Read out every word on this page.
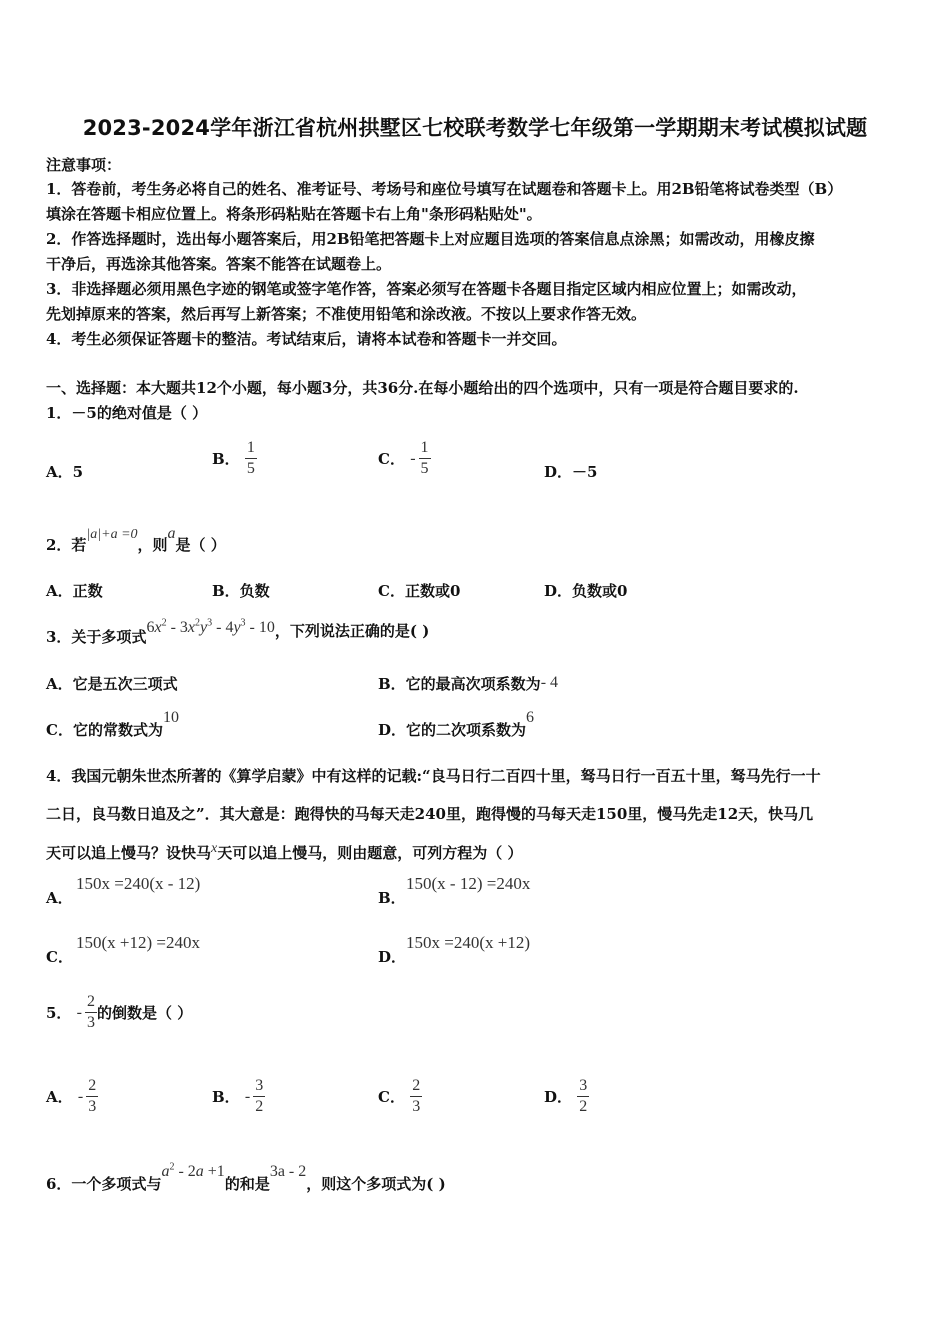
2023-2024学年浙江省杭州拱墅区七校联考数学七年级第一学期期末考试模拟试题
注意事项：
1．答卷前，考生务必将自己的姓名、准考证号、考场号和座位号填写在试题卷和答题卡上。用2B铅笔将试卷类型（B）
填涂在答题卡相应位置上。将条形码粘贴在答题卡右上角"条形码粘贴处"。
2．作答选择题时，选出每小题答案后，用2B铅笔把答题卡上对应题目选项的答案信息点涂黑；如需改动，用橡皮擦
干净后，再选涂其他答案。答案不能答在试题卷上。
3．非选择题必须用黑色字迹的钢笔或签字笔作答，答案必须写在答题卡各题目指定区域内相应位置上；如需改动，
先划掉原来的答案，然后再写上新答案；不准使用铅笔和涂改液。不按以上要求作答无效。
4．考生必须保证答题卡的整洁。考试结束后，请将本试卷和答题卡一并交回。
一、选择题：本大题共12个小题，每小题3分，共36分.在每小题给出的四个选项中，只有一项是符合题目要求的.
1．－5的绝对值是（ ）
A．5
B． $\frac{1}{5}$	C． - $\frac{1}{5}$	D．－5
2．若|a|+a =0，则a是（ ）
A．正数	B．负数	C．正数或0	D．负数或0
3．关于多项式$6x^2 - 3x^2y^3 - 4y^3 - 10$，下列说法正确的是( )
A．它是五次三项式	B．它的最高次项系数为- 4
C．它的常数式为10
D．它的二次项系数为6
4．我国元朝朱世杰所著的《算学启蒙》中有这样的记载:“良马日行二百四十里，驽马日行一百五十里，驽马先行一十
二日，良马数日追及之”．其大意是：跑得快的马每天走240里，跑得慢的马每天走150里，慢马先走12天，快马几
天可以追上慢马？设快马x天可以追上慢马，则由题意，可列方程为（ ）
A．
150x =240(x - 12)
B．
150(x - 12) =240x
C．
150(x +12) =240x
D．
150x =240(x +12)
5． - $\frac{2}{3}$ 的倒数是（ ）
A． - $\frac{2}{3}$	B． - $\frac{3}{2}$	C． $\frac{2}{3}$	D． $\frac{3}{2}$
6．一个多项式与$a^2 - 2a +1$的和是3a - 2，则这个多项式为( )
